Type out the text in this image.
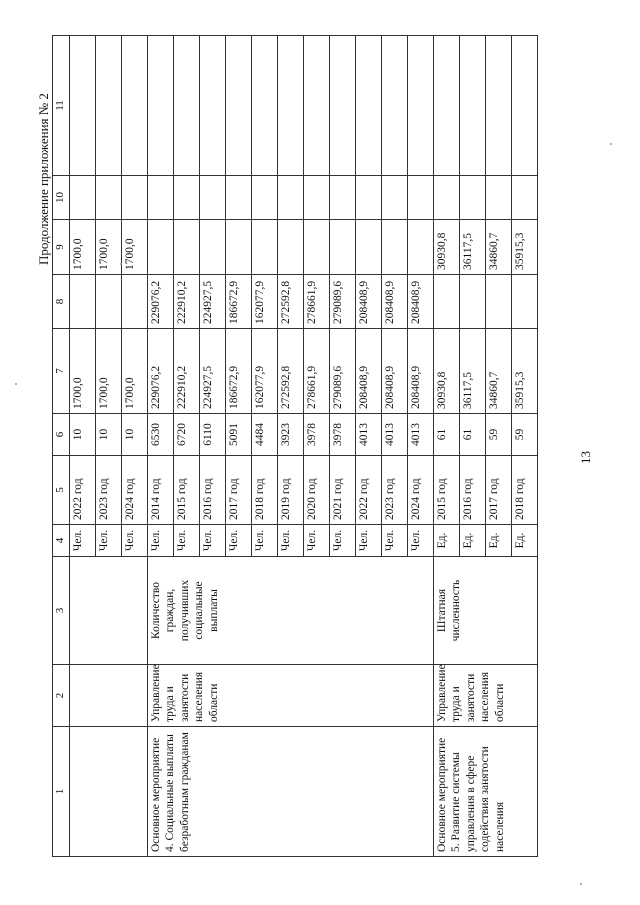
13
Продолжение приложения № 2
1	2	3	4	5	6	7	8	9	10	11
			Чел.	2022 год	10	1700,0		1700,0		
			Чел.	2023 год	10	1700,0		1700,0		
			Чел.	2024 год	10	1700,0		1700,0		
Основное мероприятие 4. Социальные выплаты безработным гражданам	Управление труда и занятости населения области	Количество граждан, получивших социальные выплаты	Чел.	2014 год	6530	229076,2	229076,2			
			Чел.	2015 год	6720	222910,2	222910,2			
			Чел.	2016 год	6110	224927,5	224927,5			
			Чел.	2017 год	5091	186672,9	186672,9			
			Чел.	2018 год	4484	162077,9	162077,9			
			Чел.	2019 год	3923	272592,8	272592,8			
			Чел.	2020 год	3978	278661,9	278661,9			
			Чел.	2021 год	3978	279089,6	279089,6			
			Чел.	2022 год	4013	208408,9	208408,9			
			Чел.	2023 год	4013	208408,9	208408,9			
			Чел.	2024 год	4013	208408,9	208408,9			
Основное мероприятие 5. Развитие системы управления в сфере содействия занятости населения	Управление труда и занятости населения области	Штатная численность	Ед.	2015 год	61	30930,8		30930,8		
			Ед.	2016 год	61	36117,5		36117,5		
			Ед.	2017 год	59	34860,7		34860,7		
			Ед.	2018 год	59	35915,3		35915,3		
